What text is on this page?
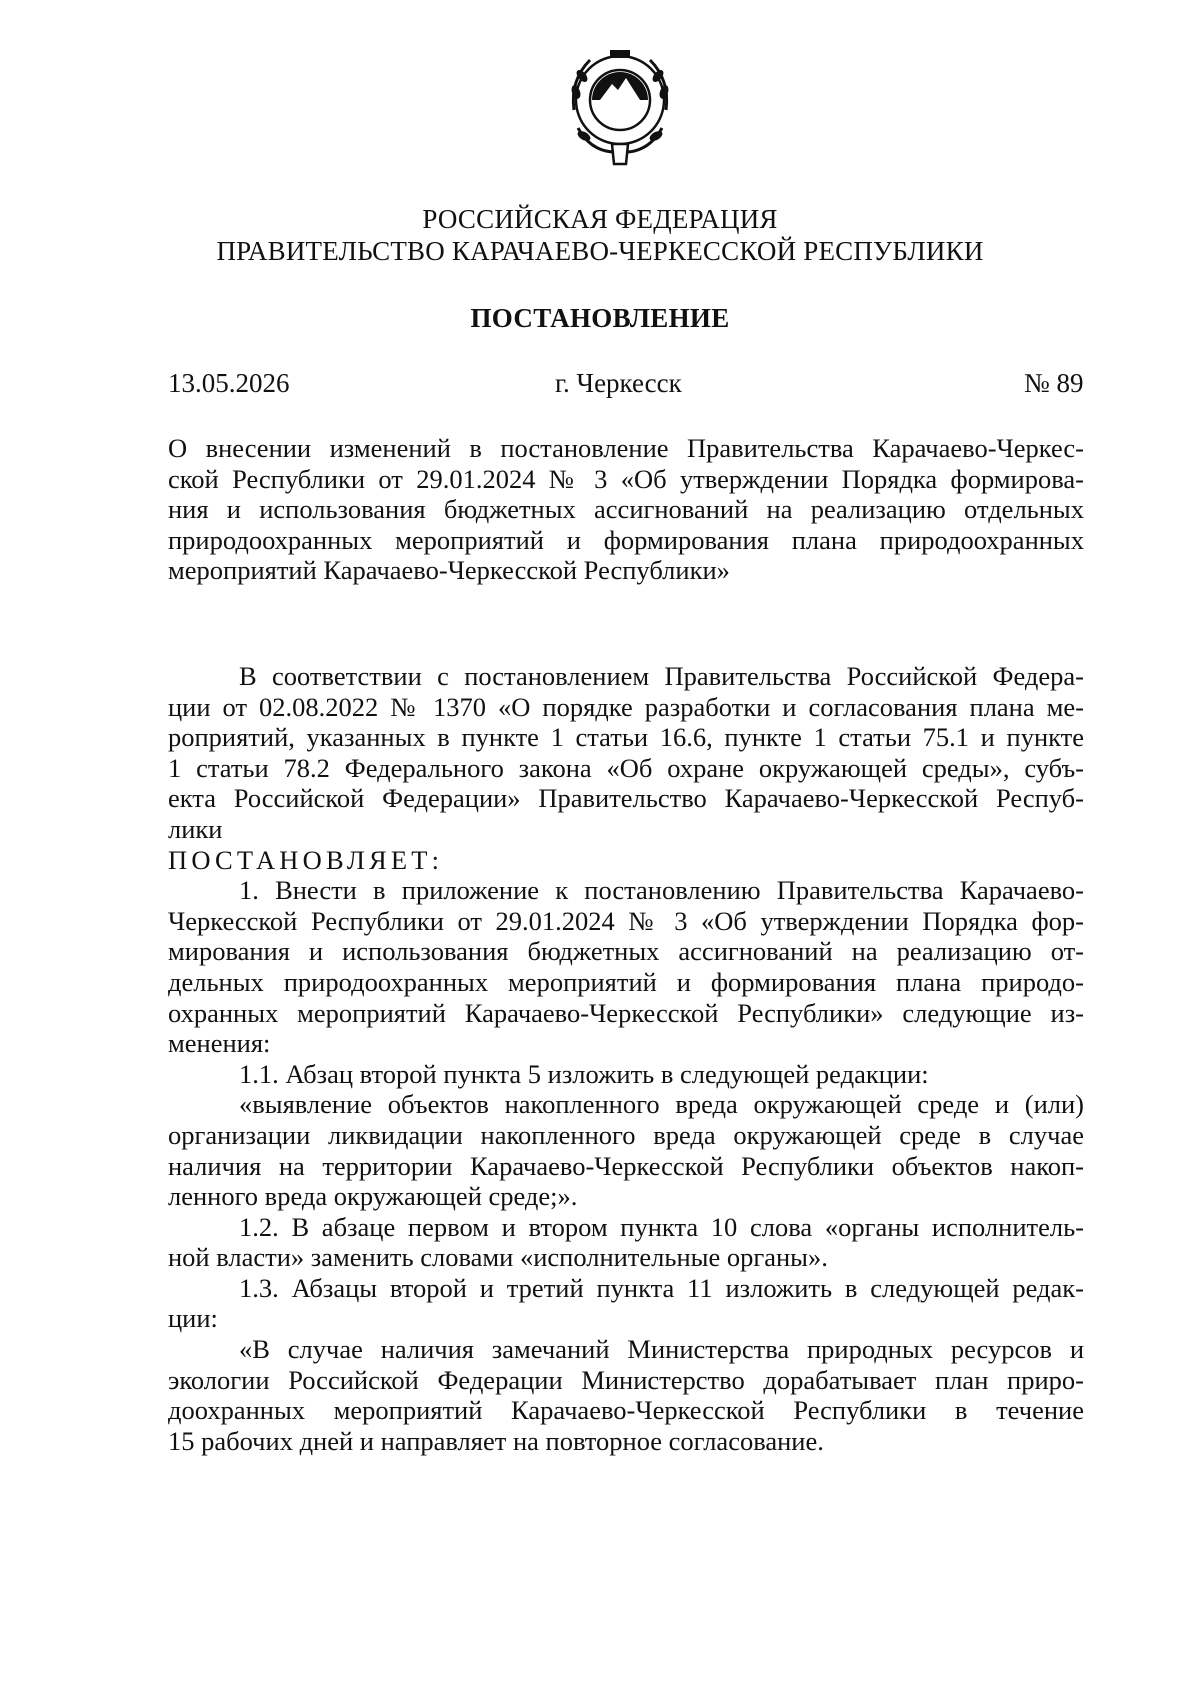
РОССИЙСКАЯ ФЕДЕРАЦИЯ
ПРАВИТЕЛЬСТВО КАРАЧАЕВО-ЧЕРКЕССКОЙ РЕСПУБЛИКИ
ПОСТАНОВЛЕНИЕ
13.05.2026	г. Черкесск	№ 89
О внесении изменений в постановление Правительства Карачаево-Черкес-
ской Республики от 29.01.2024 № 3 «Об утверждении Порядка формирова-
ния и использования бюджетных ассигнований на реализацию отдельных
природоохранных мероприятий и формирования плана природоохранных
мероприятий Карачаево-Черкесской Республики»
В соответствии с постановлением Правительства Российской Федера-
ции от 02.08.2022 № 1370 «О порядке разработки и согласования плана ме-
роприятий, указанных в пункте 1 статьи 16.6, пункте 1 статьи 75.1 и пункте
1 статьи 78.2 Федерального закона «Об охране окружающей среды», субъ-
екта Российской Федерации» Правительство Карачаево-Черкесской Респуб-
лики
ПОСТАНОВЛЯЕТ:
1. Внести в приложение к постановлению Правительства Карачаево-
Черкесской Республики от 29.01.2024 № 3 «Об утверждении Порядка фор-
мирования и использования бюджетных ассигнований на реализацию от-
дельных природоохранных мероприятий и формирования плана природо-
охранных мероприятий Карачаево-Черкесской Республики» следующие из-
менения:
1.1. Абзац второй пункта 5 изложить в следующей редакции:
«выявление объектов накопленного вреда окружающей среде и (или)
организации ликвидации накопленного вреда окружающей среде в случае
наличия на территории Карачаево-Черкесской Республики объектов накоп-
ленного вреда окружающей среде;».
1.2. В абзаце первом и втором пункта 10 слова «органы исполнитель-
ной власти» заменить словами «исполнительные органы».
1.3. Абзацы второй и третий пункта 11 изложить в следующей редак-
ции:
«В случае наличия замечаний Министерства природных ресурсов и
экологии Российской Федерации Министерство дорабатывает план приро-
доохранных мероприятий Карачаево-Черкесской Республики в течение
15 рабочих дней и направляет на повторное согласование.
